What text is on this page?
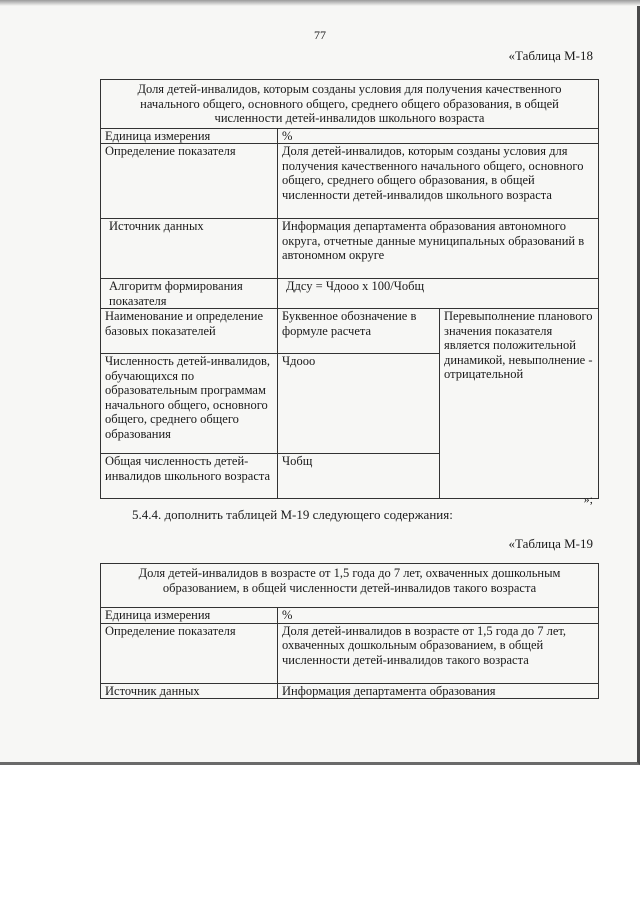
77
«Таблица М-18
Доля детей-инвалидов, которым созданы условия для получения качественного начального общего, основного общего, среднего общего образования, в общей численности детей-инвалидов школьного возраста		
Единица измерения	%	
Определение показателя	Доля детей-инвалидов, которым созданы условия для получения качественного начального общего, основного общего, среднего общего образования, в общей численности детей-инвалидов школьного возраста	
Источник данных	Информация департамента образования автономного округа, отчетные данные муниципальных образований в автономном округе	
Алгоритм формирования показателя	Ддсу = Чдооо х 100/Чобщ	
Наименование и определение базовых показателей	Буквенное обозначение в формуле расчета	Перевыполнение планового значения показателя является положительной динамикой, невыполнение - отрицательной
Численность детей-инвалидов, обучающихся по образовательным программам начального общего, основного общего, среднего общего образования	Чдооо	
Общая численность детей-инвалидов школьного возраста	Чобщ	
»;
5.4.4. дополнить таблицей М-19 следующего содержания:
«Таблица М-19
Доля детей-инвалидов в возрасте от 1,5 года до 7 лет, охваченных дошкольным образованием, в общей численности детей-инвалидов такого возраста	
Единица измерения	%
Определение показателя	Доля детей-инвалидов в возрасте от 1,5 года до 7 лет, охваченных дошкольным образованием, в общей численности детей-инвалидов такого возраста
Источник данных	Информация департамента образования
